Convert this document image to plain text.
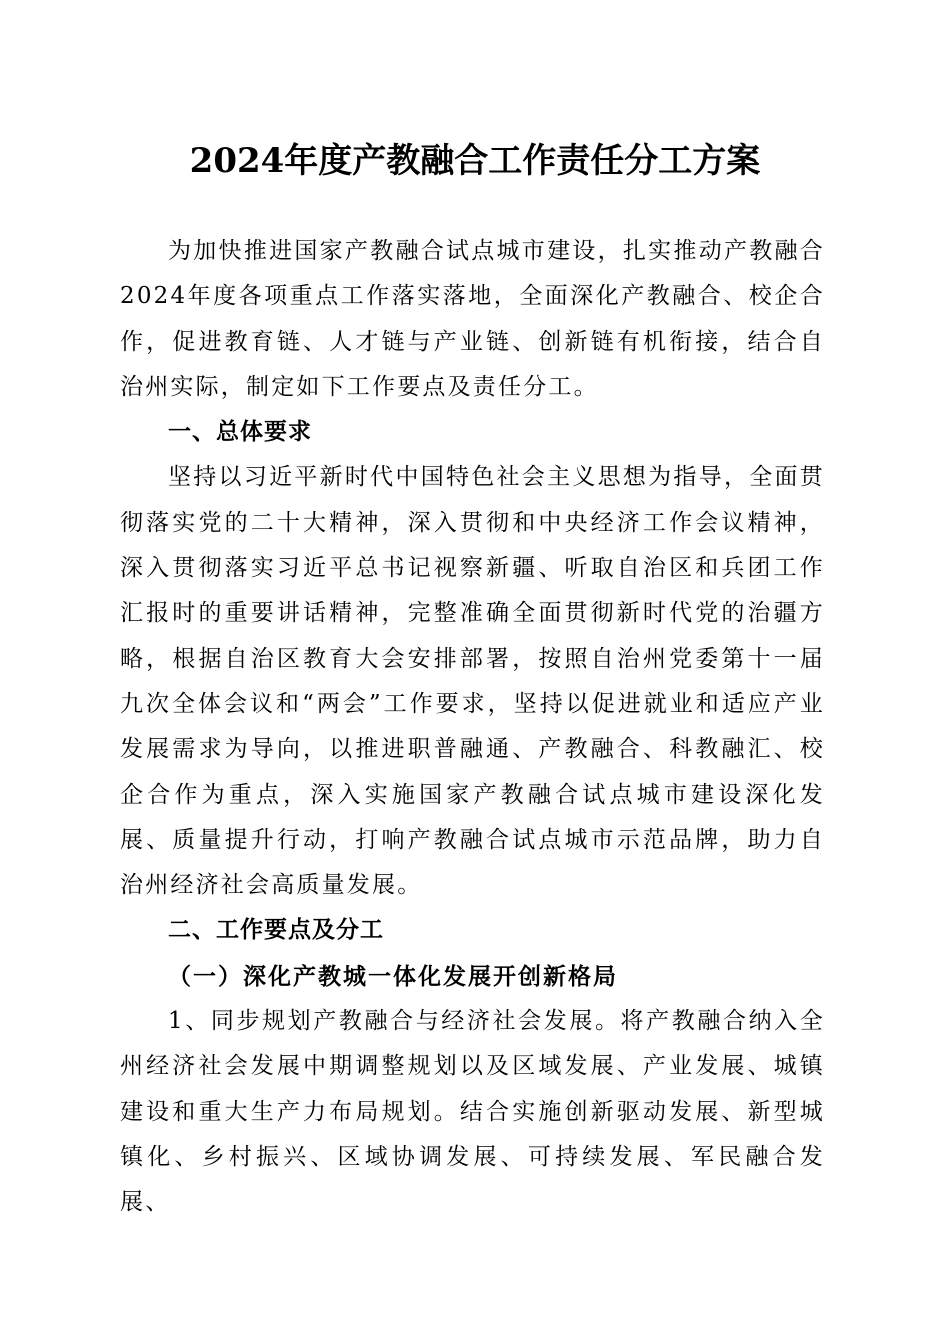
2024年度产教融合工作责任分工方案

为加快推进国家产教融合试点城市建设，扎实推动产教融合2024年度各项重点工作落实落地，全面深化产教融合、校企合作，促进教育链、人才链与产业链、创新链有机衔接，结合自治州实际，制定如下工作要点及责任分工。

一、总体要求

坚持以习近平新时代中国特色社会主义思想为指导，全面贯彻落实党的二十大精神，深入贯彻和中央经济工作会议精神，深入贯彻落实习近平总书记视察新疆、听取自治区和兵团工作汇报时的重要讲话精神，完整准确全面贯彻新时代党的治疆方略，根据自治区教育大会安排部署，按照自治州党委第十一届九次全体会议和“两会”工作要求，坚持以促进就业和适应产业发展需求为导向，以推进职普融通、产教融合、科教融汇、校企合作为重点，深入实施国家产教融合试点城市建设深化发展、质量提升行动，打响产教融合试点城市示范品牌，助力自治州经济社会高质量发展。

二、工作要点及分工

（一）深化产教城一体化发展开创新格局

1、同步规划产教融合与经济社会发展。将产教融合纳入全州经济社会发展中期调整规划以及区域发展、产业发展、城镇建设和重大生产力布局规划。结合实施创新驱动发展、新型城镇化、乡村振兴、区域协调发展、可持续发展、军民融合发展、
